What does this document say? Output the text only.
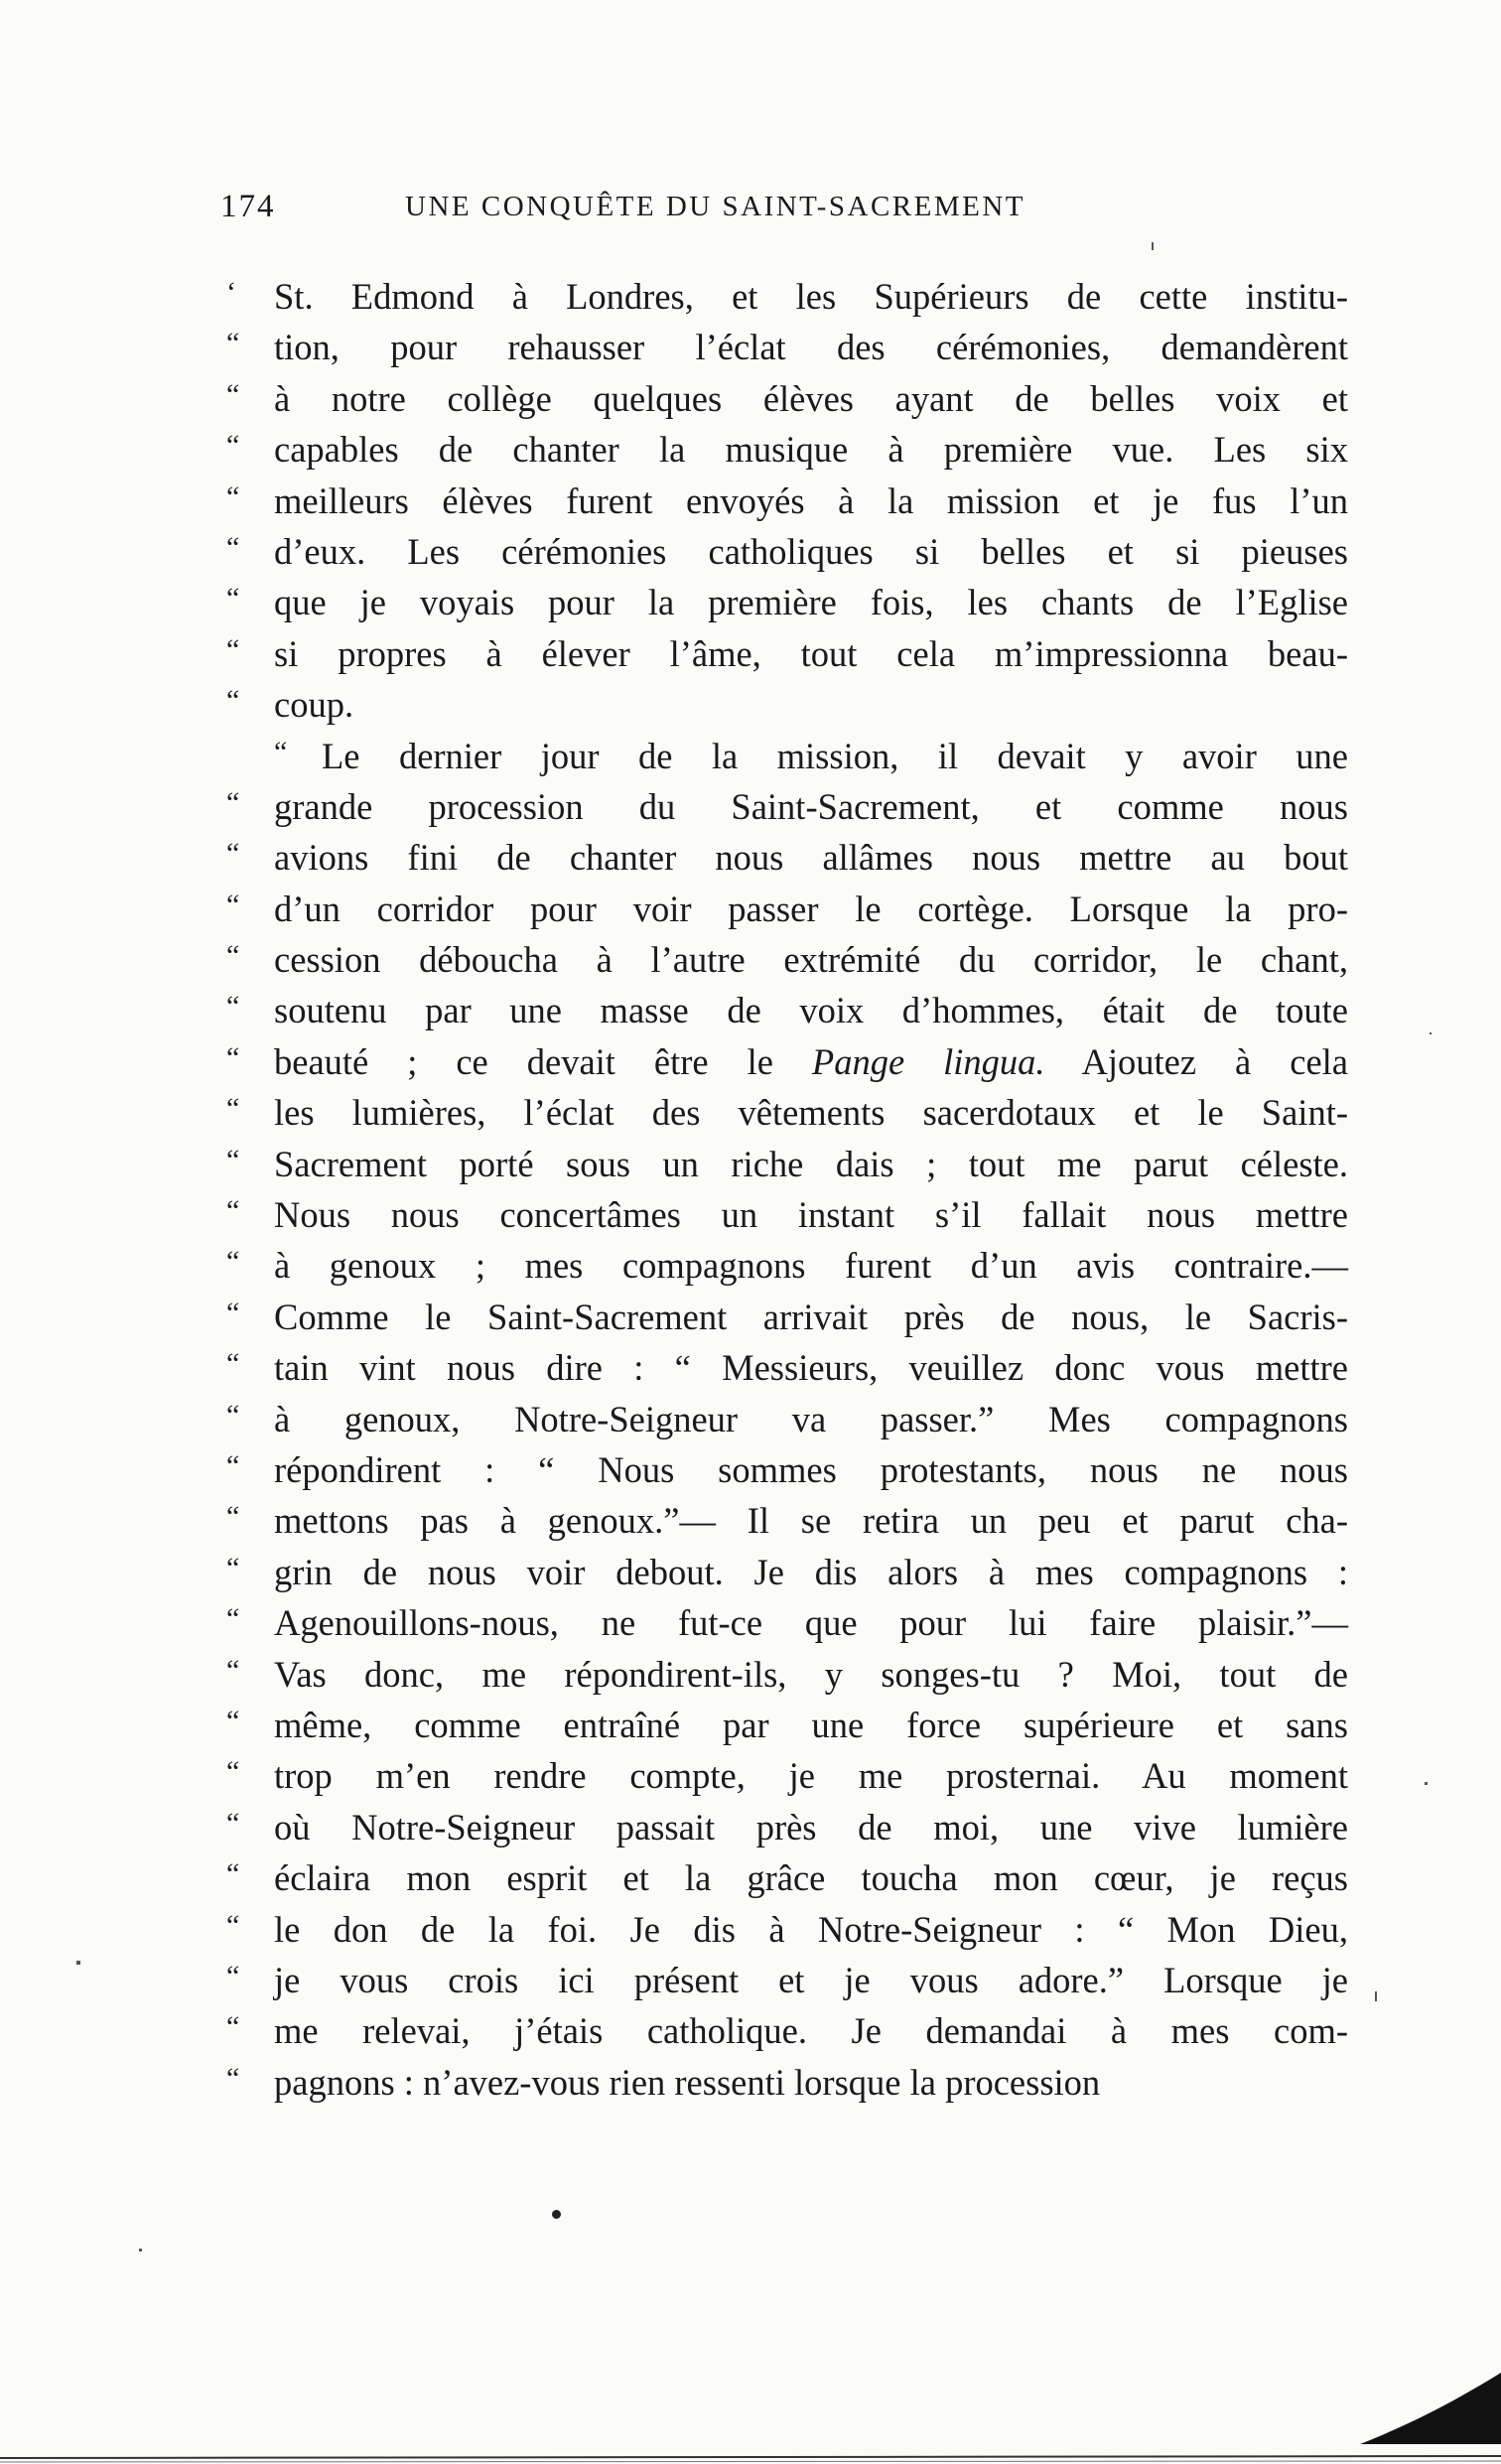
174	UNE CONQUÊTE DU SAINT-SACREMENT
‘	St. Edmond à Londres, et les Supérieurs de cette institu-
“ tion, pour rehausser l’éclat des cérémonies, demandèrent
“ à notre collège quelques élèves ayant de belles voix et
“ capables de chanter la musique à première vue. Les six
“ meilleurs élèves furent envoyés à la mission et je fus l’un
“ d’eux. Les cérémonies catholiques si belles et si pieuses
“ que je voyais pour la première fois, les chants de l’Eglise
“ si propres à élever l’âme, tout cela m’impressionna beau-
“ coup.
“ Le dernier jour de la mission, il devait y avoir une
“ grande procession du Saint-Sacrement, et comme nous
“ avions fini de chanter nous allâmes nous mettre au bout
“ d’un corridor pour voir passer le cortège. Lorsque la pro-
“ cession déboucha à l’autre extrémité du corridor, le chant,
“ soutenu par une masse de voix d’hommes, était de toute
“ beauté ; ce devait être le Pange lingua. Ajoutez à cela
“ les lumières, l’éclat des vêtements sacerdotaux et le Saint-
“ Sacrement porté sous un riche dais ; tout me parut céleste.
“ Nous nous concertâmes un instant s’il fallait nous mettre
“ à genoux ; mes compagnons furent d’un avis contraire.—
“ Comme le Saint-Sacrement arrivait près de nous, le Sacris-
“ tain vint nous dire : “ Messieurs, veuillez donc vous mettre
“ à genoux, Notre-Seigneur va passer.” Mes compagnons
“ répondirent : “ Nous sommes protestants, nous ne nous
“ mettons pas à genoux.”— Il se retira un peu et parut cha-
“ grin de nous voir debout. Je dis alors à mes compagnons :
“ Agenouillons-nous, ne fut-ce que pour lui faire plaisir.”—
“ Vas donc, me répondirent-ils, y songes-tu ? Moi, tout de
“ même, comme entraîné par une force supérieure et sans
“ trop m’en rendre compte, je me prosternai. Au moment
“ où Notre-Seigneur passait près de moi, une vive lumière
“ éclaira mon esprit et la grâce toucha mon cœur, je reçus
“ le don de la foi. Je dis à Notre-Seigneur : “ Mon Dieu,
“ je vous crois ici présent et je vous adore.” Lorsque je
“ me relevai, j’étais catholique. Je demandai à mes com-
“ pagnons : n’avez-vous rien ressenti lorsque la procession
